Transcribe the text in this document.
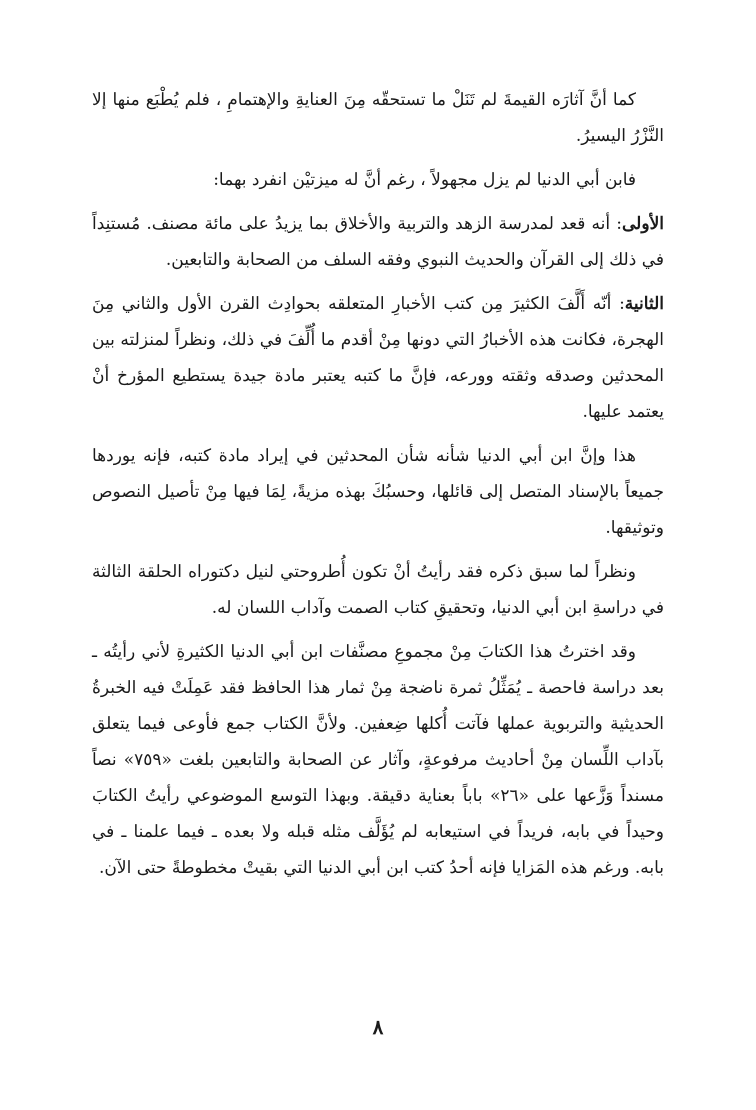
كما أنَّ آثارَه القيمةَ لم تَنَلْ ما تستحقّه مِنَ العنايةِ والإهتمامِ ، فلم يُطْبَع منها إلا النَّزْرُ اليسيرُ.

فابن أبي الدنيا لم يزل مجهولاً ، رغم أنَّ له ميزتيْن انفرد بهما:

الأولى: أنه قعد لمدرسة الزهد والتربية والأخلاق بما يزيدُ على مائة مصنف. مُستنِداً في ذلك إلى القرآن والحديث النبوي وفقه السلف من الصحابة والتابعين.

الثانية: أنّه أَلَّفَ الكثيرَ مِن كتب الأخبارِ المتعلقه بحوادِث القرن الأول والثاني مِنَ الهجرة، فكانت هذه الأخبارُ التي دونها مِنْ أقدم ما أُلِّفَ في ذلك، ونظراً لمنزلته بين المحدثين وصدقه وثقته وورعه، فإنَّ ما كتبه يعتبر مادة جيدة يستطيع المؤرخ أنْ يعتمد عليها.

هذا وإنَّ ابن أبي الدنيا شأنه شأن المحدثين في إيراد مادة كتبه، فإنه يوردها جميعاً بالإسناد المتصل إلى قائلها، وحسبُكَ بهذه مزيةً، لِمَا فيها مِنْ تأصيل النصوص وتوثيقها.

ونظراً لما سبق ذكره فقد رأيتُ أنْ تكون أُطروحتي لنيل دكتوراه الحلقة الثالثة في دراسةِ ابن أبي الدنيا، وتحقيقِ كتاب الصمت وآداب اللسان له.

وقد اخترتُ هذا الكتابَ مِنْ مجموعِ مصنَّفات ابن أبي الدنيا الكثيرةِ لأني رأيتُه ـ بعد دراسة فاحصة ـ يُمَثِّلُ ثمرة ناضجة مِنْ ثمار هذا الحافظ فقد عَمِلَتْ فيه الخبرةُ الحديثية والتربوية عملها فآتت أُكلها ضِعفين. ولأنَّ الكتاب جمع فأوعى فيما يتعلق بآداب اللِّسان مِنْ أحاديث مرفوعةٍ، وآثار عن الصحابة والتابعين بلغت «٧٥٩» نصاً مسنداً وَزَّعها على «٢٦» باباً بعناية دقيقة. وبهذا التوسع الموضوعي رأيتُ الكتابَ وحيداً في بابه، فريداً في استيعابه لم يُؤَلَّف مثله قبله ولا بعده ـ فيما علمنا ـ في بابه. ورغم هذه المَزايا فإنه أحدُ كتب ابن أبي الدنيا التي بقيتْ مخطوطةً حتى الآن.

٨
